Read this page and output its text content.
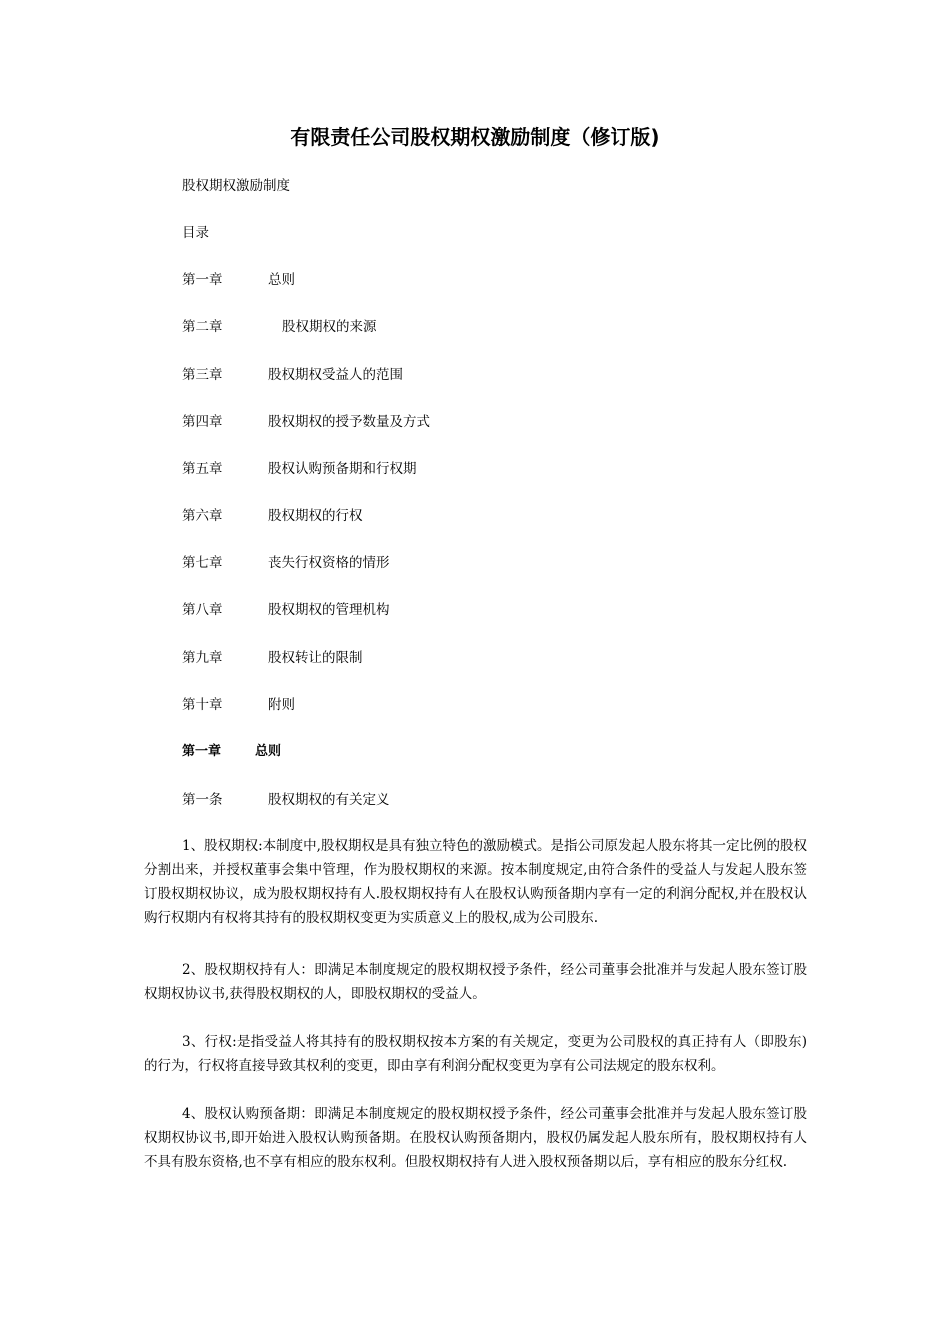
有限责任公司股权期权激励制度（修订版)
股权期权激励制度
目录
第一章	总则
第二章	股权期权的来源
第三章	股权期权受益人的范围
第四章	股权期权的授予数量及方式
第五章	股权认购预备期和行权期
第六章	股权期权的行权
第七章	丧失行权资格的情形
第八章	股权期权的管理机构
第九章	股权转让的限制
第十章	附则
第一章	总则
第一条	股权期权的有关定义

1、股权期权:本制度中,股权期权是具有独立特色的激励模式。是指公司原发起人股东将其一定比例的股权分割出来，并授权董事会集中管理，作为股权期权的来源。按本制度规定,由符合条件的受益人与发起人股东签订股权期权协议，成为股权期权持有人.股权期权持有人在股权认购预备期内享有一定的利润分配权,并在股权认购行权期内有权将其持有的股权期权变更为实质意义上的股权,成为公司股东.

2、股权期权持有人：即满足本制度规定的股权期权授予条件，经公司董事会批准并与发起人股东签订股权期权协议书,获得股权期权的人，即股权期权的受益人。

3、行权:是指受益人将其持有的股权期权按本方案的有关规定，变更为公司股权的真正持有人（即股东)的行为，行权将直接导致其权利的变更，即由享有利润分配权变更为享有公司法规定的股东权利。

4、股权认购预备期：即满足本制度规定的股权期权授予条件，经公司董事会批准并与发起人股东签订股权期权协议书,即开始进入股权认购预备期。在股权认购预备期内，股权仍属发起人股东所有，股权期权持有人不具有股东资格,也不享有相应的股东权利。但股权期权持有人进入股权预备期以后，享有相应的股东分红权.
